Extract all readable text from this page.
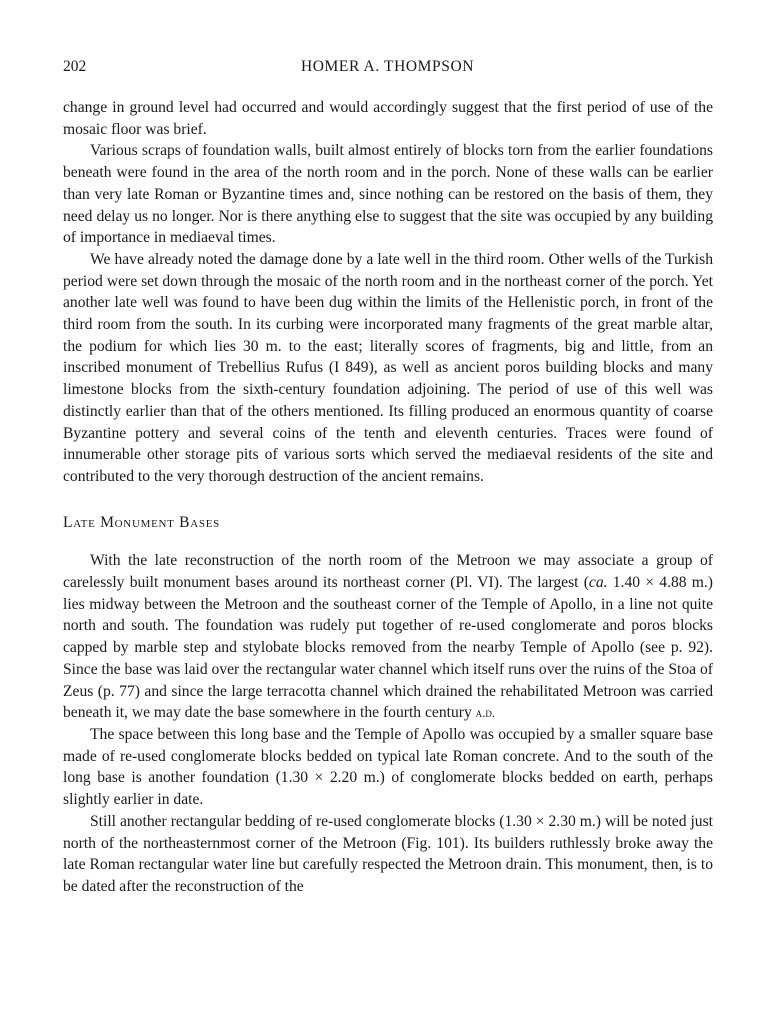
202	HOMER A. THOMPSON

change in ground level had occurred and would accordingly suggest that the first period of use of the mosaic floor was brief.

Various scraps of foundation walls, built almost entirely of blocks torn from the earlier foundations beneath were found in the area of the north room and in the porch. None of these walls can be earlier than very late Roman or Byzantine times and, since nothing can be restored on the basis of them, they need delay us no longer. Nor is there anything else to suggest that the site was occupied by any building of importance in mediaeval times.

We have already noted the damage done by a late well in the third room. Other wells of the Turkish period were set down through the mosaic of the north room and in the northeast corner of the porch. Yet another late well was found to have been dug within the limits of the Hellenistic porch, in front of the third room from the south. In its curbing were incorporated many fragments of the great marble altar, the podium for which lies 30 m. to the east; literally scores of fragments, big and little, from an inscribed monument of Trebellius Rufus (I 849), as well as ancient poros building blocks and many limestone blocks from the sixth-century foundation adjoining. The period of use of this well was distinctly earlier than that of the others mentioned. Its filling produced an enormous quantity of coarse Byzantine pottery and several coins of the tenth and eleventh centuries. Traces were found of innumerable other storage pits of various sorts which served the mediaeval residents of the site and contributed to the very thorough destruction of the ancient remains.

Late Monument Bases

With the late reconstruction of the north room of the Metroon we may associate a group of carelessly built monument bases around its northeast corner (Pl. VI). The largest (ca. 1.40 × 4.88 m.) lies midway between the Metroon and the southeast corner of the Temple of Apollo, in a line not quite north and south. The foundation was rudely put together of re-used conglomerate and poros blocks capped by marble step and stylobate blocks removed from the nearby Temple of Apollo (see p. 92). Since the base was laid over the rectangular water channel which itself runs over the ruins of the Stoa of Zeus (p. 77) and since the large terracotta channel which drained the rehabilitated Metroon was carried beneath it, we may date the base somewhere in the fourth century a.d.

The space between this long base and the Temple of Apollo was occupied by a smaller square base made of re-used conglomerate blocks bedded on typical late Roman concrete. And to the south of the long base is another foundation (1.30 × 2.20 m.) of conglomerate blocks bedded on earth, perhaps slightly earlier in date.

Still another rectangular bedding of re-used conglomerate blocks (1.30 × 2.30 m.) will be noted just north of the northeasternmost corner of the Metroon (Fig. 101). Its builders ruthlessly broke away the late Roman rectangular water line but carefully respected the Metroon drain. This monument, then, is to be dated after the reconstruction of the
